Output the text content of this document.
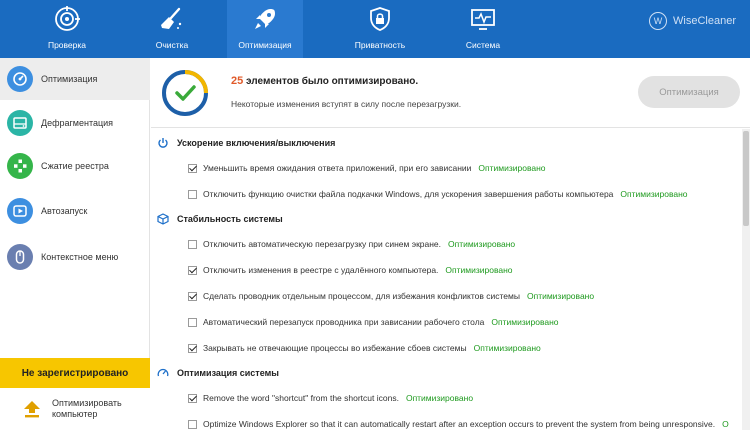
Проверка	Очистка	Оптимизация	Приватность	Система
W WiseCleaner
Оптимизация
Дефрагментация
Сжатие реестра
Автозапуск
Контекстное меню
Не зарегистрировано
Оптимизировать
компьютер
25 элементов было оптимизировано.
Некоторые изменения вступят в силу после перезагрузки.
Оптимизация
Ускорение включения/выключения
Уменьшить время ожидания ответа приложений, при его зависании Оптимизировано
Отключить функцию очистки файла подкачки Windows, для ускорения завершения работы компьютера Оптимизировано
Стабильность системы
Отключить автоматическую перезагрузку при синем экране. Оптимизировано
Отключить изменения в реестре с удалённого компьютера. Оптимизировано
Сделать проводник отдельным процессом, для избежания конфликтов системы Оптимизировано
Автоматический перезапуск проводника при зависании рабочего стола Оптимизировано
Закрывать не отвечающие процессы во избежание сбоев системы Оптимизировано
Оптимизация системы
Remove the word "shortcut" from the shortcut icons. Оптимизировано
Optimize Windows Explorer so that it can automatically restart after an exception occurs to prevent the system from being unresponsive. О
